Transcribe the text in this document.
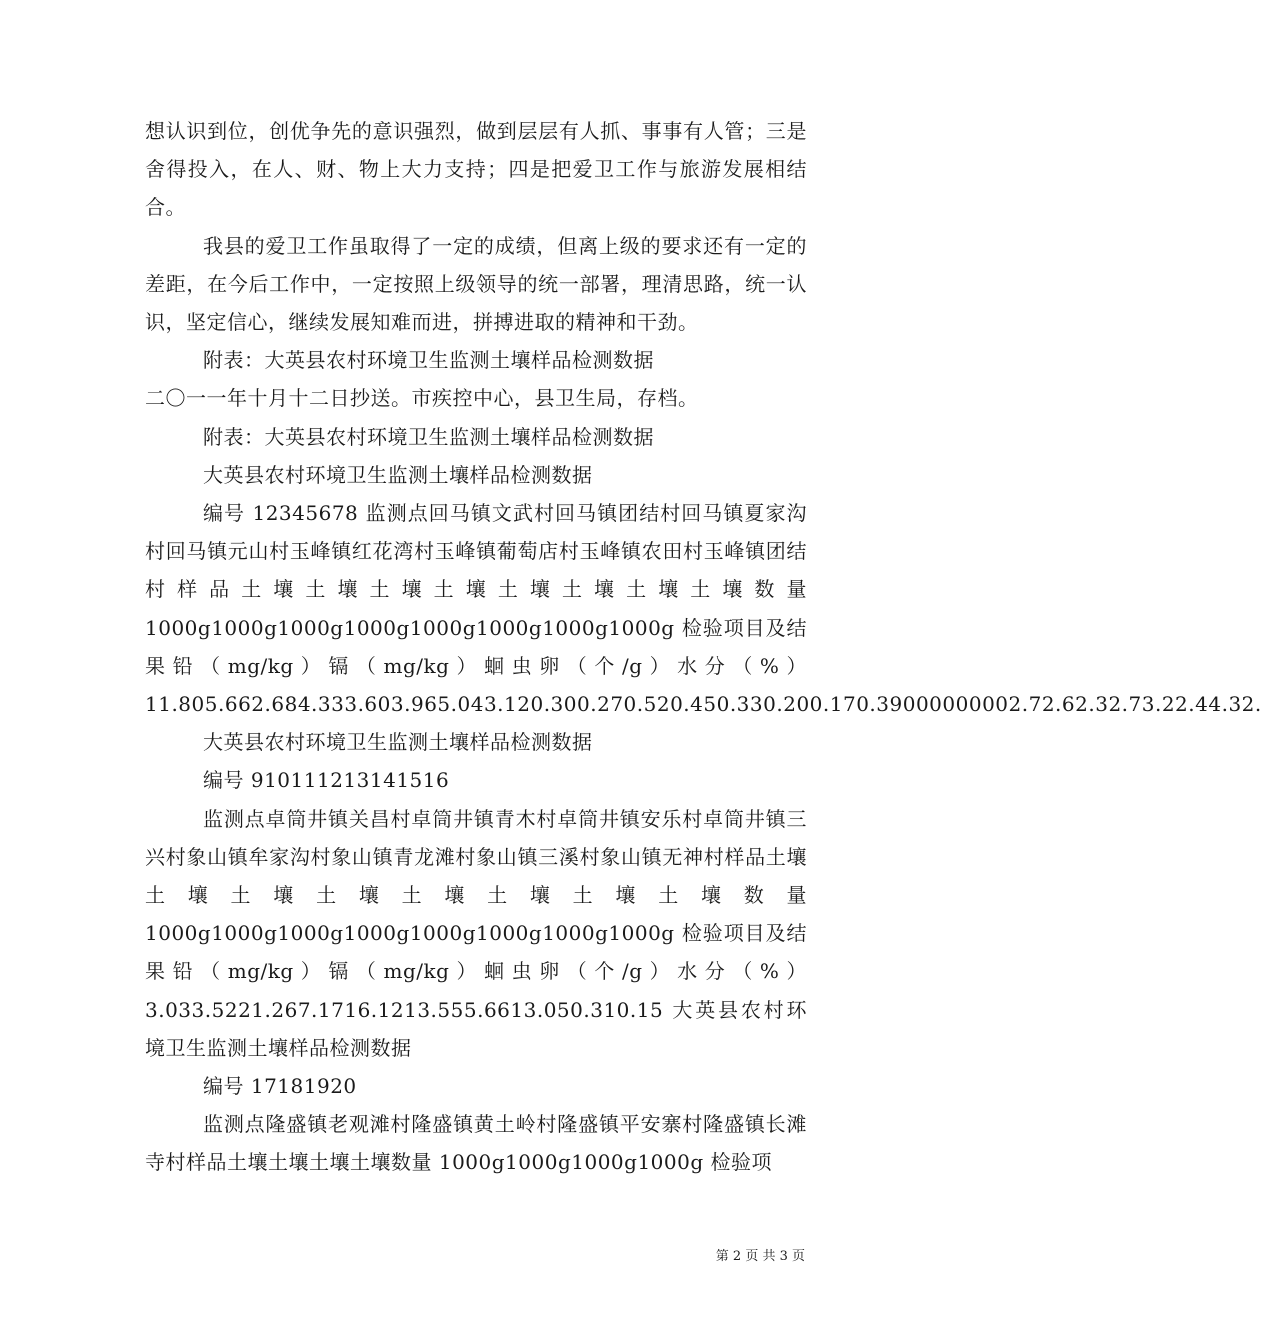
想认识到位，创优争先的意识强烈，做到层层有人抓、事事有人管；三是舍得投入，在人、财、物上大力支持；四是把爱卫工作与旅游发展相结合。

我县的爱卫工作虽取得了一定的成绩，但离上级的要求还有一定的差距，在今后工作中，一定按照上级领导的统一部署，理清思路，统一认识，坚定信心，继续发展知难而进，拼搏进取的精神和干劲。

附表：大英县农村环境卫生监测土壤样品检测数据

二〇一一年十月十二日抄送。市疾控中心，县卫生局，存档。

附表：大英县农村环境卫生监测土壤样品检测数据

大英县农村环境卫生监测土壤样品检测数据

编号 12345678 监测点回马镇文武村回马镇团结村回马镇夏家沟村回马镇元山村玉峰镇红花湾村玉峰镇葡萄店村玉峰镇农田村玉峰镇团结村样品土壤土壤土壤土壤土壤土壤土壤土壤数量1000g1000g1000g1000g1000g1000g1000g1000g 检验项目及结果铅（mg/kg）镉（mg/kg）蛔虫卵（个/g）水分（%）11.805.662.684.333.603.965.043.120.300.270.520.450.330.200.170.39000000002.72.62.32.73.22.44.32.

大英县农村环境卫生监测土壤样品检测数据

编号 910111213141516

监测点卓筒井镇关昌村卓筒井镇青木村卓筒井镇安乐村卓筒井镇三兴村象山镇牟家沟村象山镇青龙滩村象山镇三溪村象山镇无神村样品土壤土壤土壤土壤土壤土壤土壤土壤数量1000g1000g1000g1000g1000g1000g1000g1000g 检验项目及结果铅（mg/kg）镉（mg/kg）蛔虫卵（个/g）水分（%）3.033.5221.267.1716.1213.555.6613.050.310.15 大英县农村环境卫生监测土壤样品检测数据

编号 17181920

监测点隆盛镇老观滩村隆盛镇黄土岭村隆盛镇平安寨村隆盛镇长滩寺村样品土壤土壤土壤土壤数量 1000g1000g1000g1000g 检验项

第 2 页 共 3 页
